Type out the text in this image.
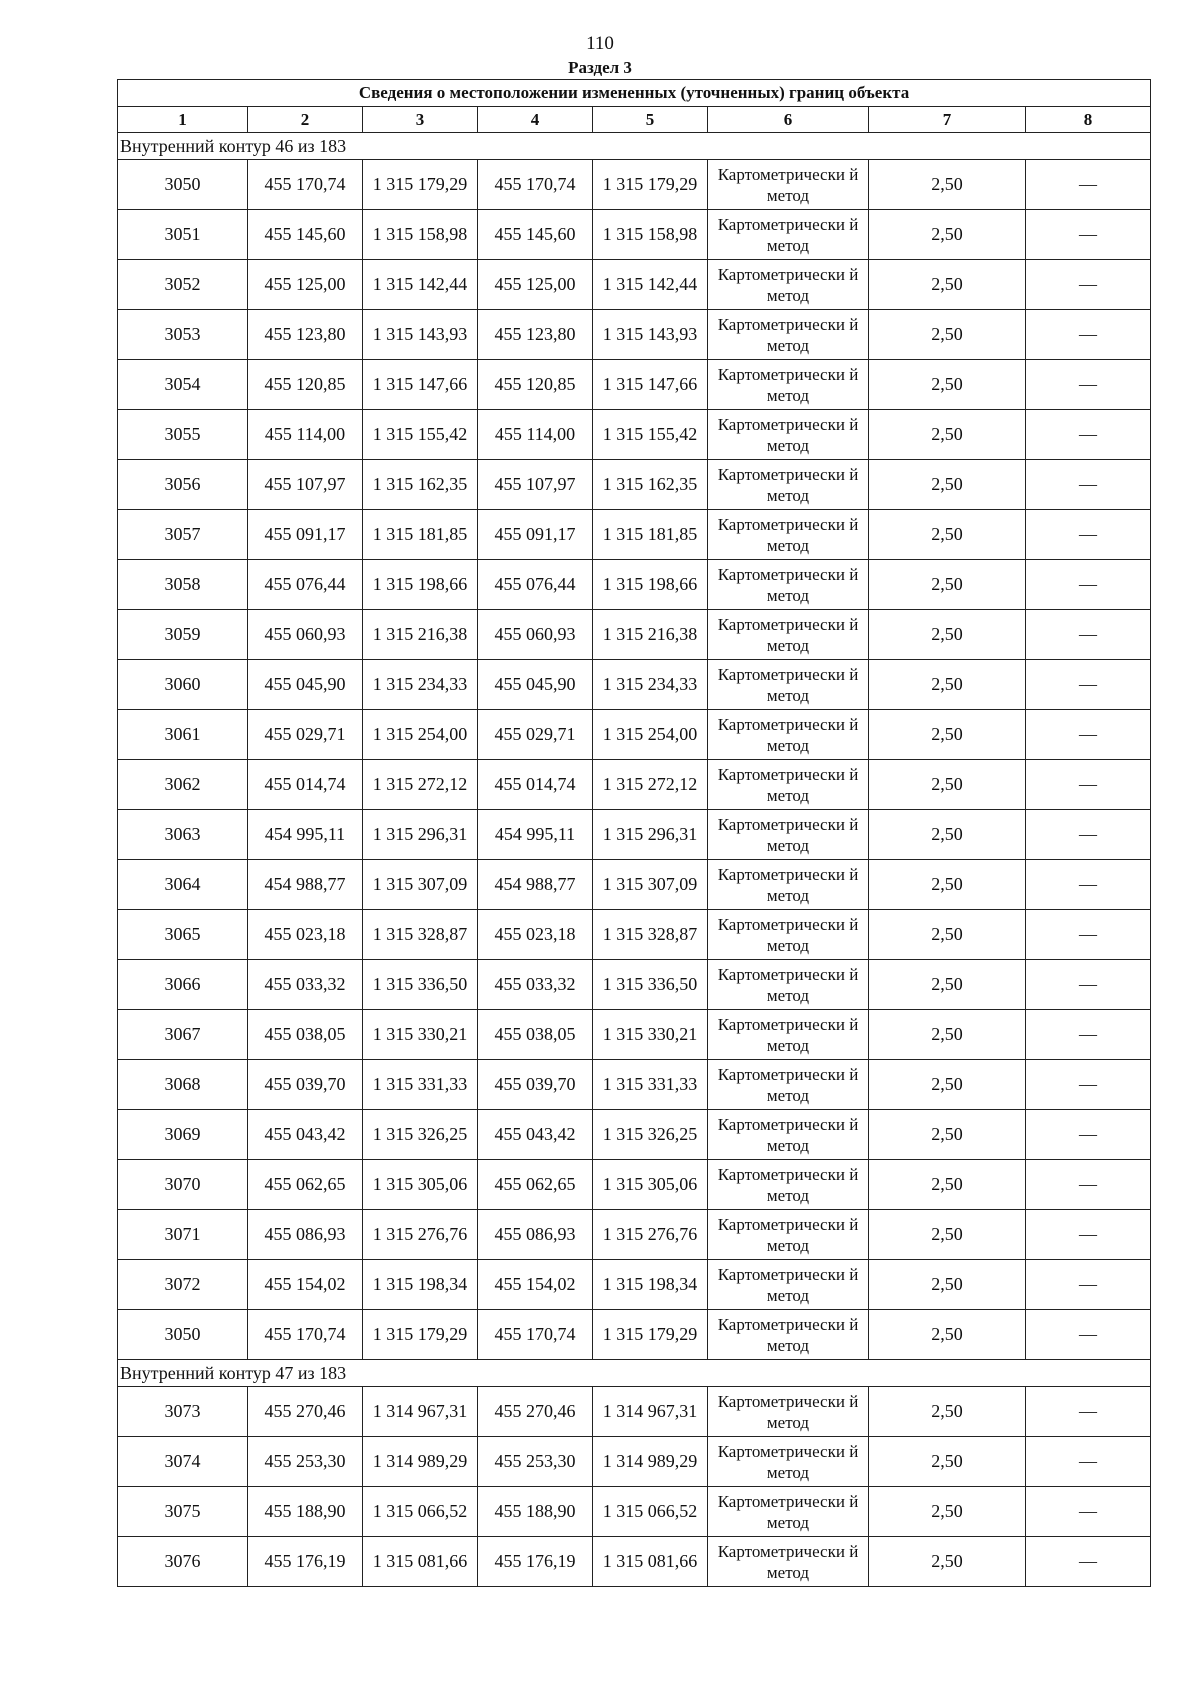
110
Раздел 3
Сведения о местоположении измененных (уточненных) границ объекта							
1	2	3	4	5	6	7	8
Внутренний контур 46 из 183							
3050	455 170,74	1 315 179,29	455 170,74	1 315 179,29	Картометрически й метод	2,50	—
3051	455 145,60	1 315 158,98	455 145,60	1 315 158,98	Картометрически й метод	2,50	—
3052	455 125,00	1 315 142,44	455 125,00	1 315 142,44	Картометрически й метод	2,50	—
3053	455 123,80	1 315 143,93	455 123,80	1 315 143,93	Картометрически й метод	2,50	—
3054	455 120,85	1 315 147,66	455 120,85	1 315 147,66	Картометрически й метод	2,50	—
3055	455 114,00	1 315 155,42	455 114,00	1 315 155,42	Картометрически й метод	2,50	—
3056	455 107,97	1 315 162,35	455 107,97	1 315 162,35	Картометрически й метод	2,50	—
3057	455 091,17	1 315 181,85	455 091,17	1 315 181,85	Картометрически й метод	2,50	—
3058	455 076,44	1 315 198,66	455 076,44	1 315 198,66	Картометрически й метод	2,50	—
3059	455 060,93	1 315 216,38	455 060,93	1 315 216,38	Картометрически й метод	2,50	—
3060	455 045,90	1 315 234,33	455 045,90	1 315 234,33	Картометрически й метод	2,50	—
3061	455 029,71	1 315 254,00	455 029,71	1 315 254,00	Картометрически й метод	2,50	—
3062	455 014,74	1 315 272,12	455 014,74	1 315 272,12	Картометрически й метод	2,50	—
3063	454 995,11	1 315 296,31	454 995,11	1 315 296,31	Картометрически й метод	2,50	—
3064	454 988,77	1 315 307,09	454 988,77	1 315 307,09	Картометрически й метод	2,50	—
3065	455 023,18	1 315 328,87	455 023,18	1 315 328,87	Картометрически й метод	2,50	—
3066	455 033,32	1 315 336,50	455 033,32	1 315 336,50	Картометрически й метод	2,50	—
3067	455 038,05	1 315 330,21	455 038,05	1 315 330,21	Картометрически й метод	2,50	—
3068	455 039,70	1 315 331,33	455 039,70	1 315 331,33	Картометрически й метод	2,50	—
3069	455 043,42	1 315 326,25	455 043,42	1 315 326,25	Картометрически й метод	2,50	—
3070	455 062,65	1 315 305,06	455 062,65	1 315 305,06	Картометрически й метод	2,50	—
3071	455 086,93	1 315 276,76	455 086,93	1 315 276,76	Картометрически й метод	2,50	—
3072	455 154,02	1 315 198,34	455 154,02	1 315 198,34	Картометрически й метод	2,50	—
3050	455 170,74	1 315 179,29	455 170,74	1 315 179,29	Картометрически й метод	2,50	—
Внутренний контур 47 из 183							
3073	455 270,46	1 314 967,31	455 270,46	1 314 967,31	Картометрически й метод	2,50	—
3074	455 253,30	1 314 989,29	455 253,30	1 314 989,29	Картометрически й метод	2,50	—
3075	455 188,90	1 315 066,52	455 188,90	1 315 066,52	Картометрически й метод	2,50	—
3076	455 176,19	1 315 081,66	455 176,19	1 315 081,66	Картометрически й метод	2,50	—
